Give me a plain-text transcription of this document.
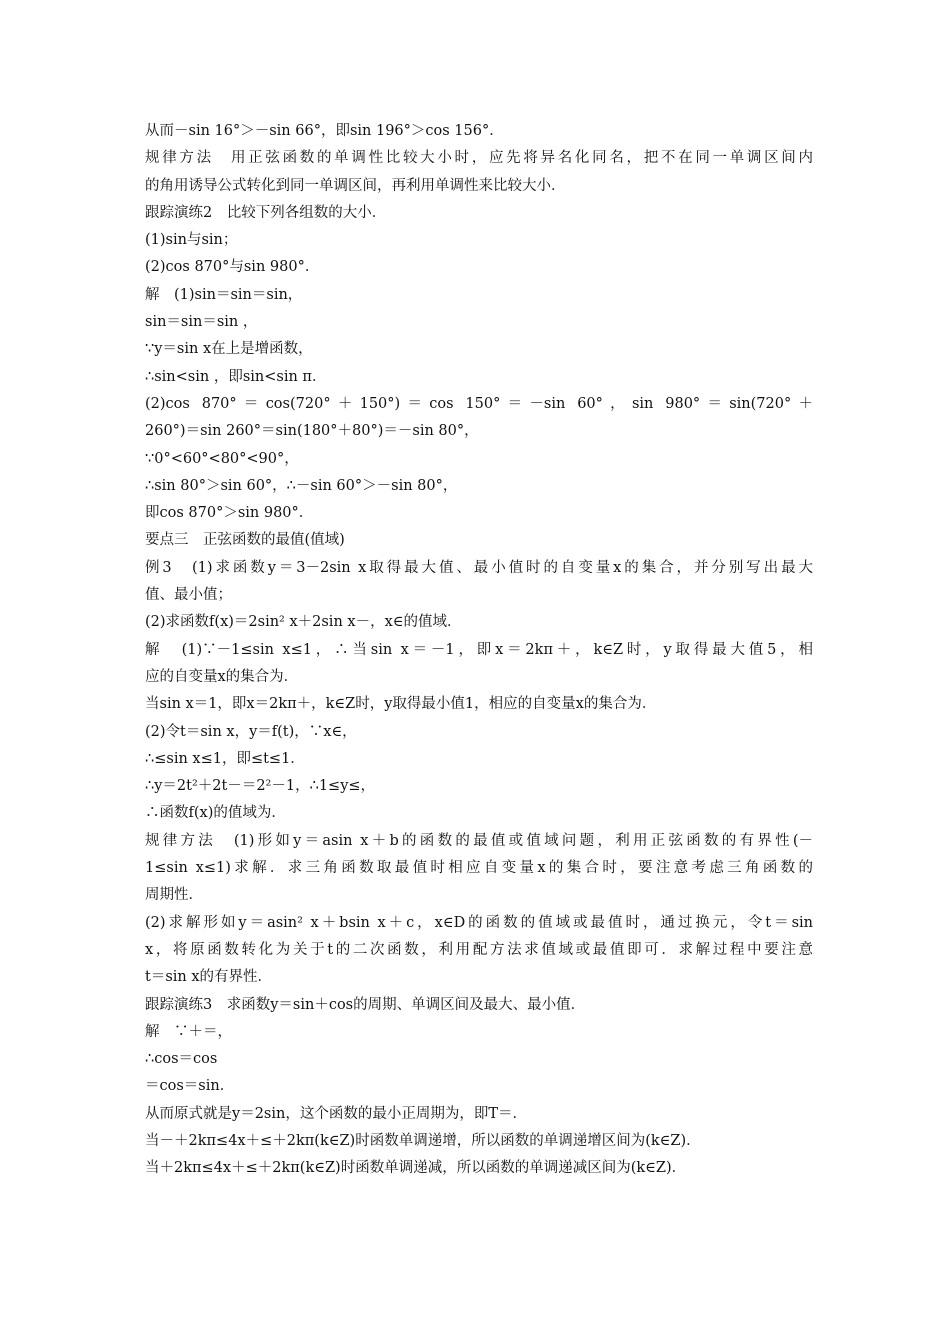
从而－sin 16°＞－sin 66°，即sin 196°＞cos 156°．
规律方法　用正弦函数的单调性比较大小时，应先将异名化同名，把不在同一单调区间内
的角用诱导公式转化到同一单调区间，再利用单调性来比较大小．
跟踪演练2　比较下列各组数的大小．
(1)sin与sin；
(2)cos 870°与sin 980°．
解　(1)sin＝sin＝sin，
sin＝sin＝sin ，
∵y＝sin x在上是增函数，
∴sin<sin ，即sin<sin π．
(2)cos 870°＝cos(720°＋150°)＝cos 150°＝－sin 60°，sin 980°＝sin(720°＋
260°)＝sin 260°＝sin(180°＋80°)＝－sin 80°，
∵0°<60°<80°<90°，
∴sin 80°＞sin 60°，∴－sin 60°＞－sin 80°，
即cos 870°＞sin 980°．
要点三　正弦函数的最值(值域)
例3　(1)求函数y＝3－2sin x取得最大值、最小值时的自变量x的集合，并分别写出最大
值、最小值；
(2)求函数f(x)＝2sin² x＋2sin x－，x∈的值域．
解　(1)∵－1≤sin x≤1，∴当sin x＝－1，即x＝2kπ＋，k∈Z时，y取得最大值5，相
应的自变量x的集合为．
当sin x＝1，即x＝2kπ＋，k∈Z时，y取得最小值1，相应的自变量x的集合为．
(2)令t＝sin x，y＝f(t)，∵x∈，
∴≤sin x≤1，即≤t≤1．
∴y＝2t²＋2t－＝2²－1，∴1≤y≤，
∴函数f(x)的值域为．
规律方法　(1)形如y＝asin x＋b的函数的最值或值域问题，利用正弦函数的有界性(－
1≤sin x≤1)求解．求三角函数取最值时相应自变量x的集合时，要注意考虑三角函数的
周期性．
(2)求解形如y＝asin² x＋bsin x＋c，x∈D的函数的值域或最值时，通过换元，令t＝sin
x，将原函数转化为关于t的二次函数，利用配方法求值域或最值即可．求解过程中要注意
t＝sin x的有界性．
跟踪演练3　求函数y＝sin＋cos的周期、单调区间及最大、最小值．
解　∵＋＝，
∴cos＝cos
＝cos＝sin．
从而原式就是y＝2sin，这个函数的最小正周期为，即T＝．
当－＋2kπ≤4x＋≤＋2kπ(k∈Z)时函数单调递增，所以函数的单调递增区间为(k∈Z)．
当＋2kπ≤4x＋≤＋2kπ(k∈Z)时函数单调递减，所以函数的单调递减区间为(k∈Z)．
